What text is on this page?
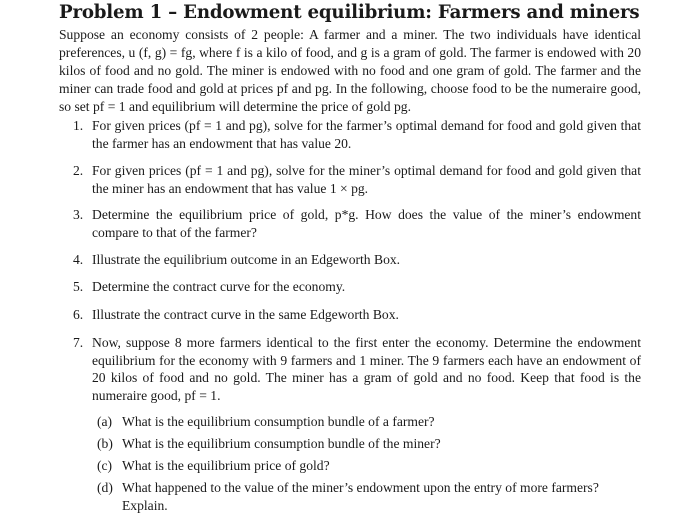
Problem 1 – Endowment equilibrium: Farmers and miners

Suppose an economy consists of 2 people: A farmer and a miner. The two individuals have identical preferences, u (f, g) = fg, where f is a kilo of food, and g is a gram of gold. The farmer is endowed with 20 kilos of food and no gold. The miner is endowed with no food and one gram of gold. The farmer and the miner can trade food and gold at prices pf and pg. In the following, choose food to be the numeraire good, so set pf = 1 and equilibrium will determine the price of gold pg.

1. For given prices (pf = 1 and pg), solve for the farmer’s optimal demand for food and gold given that the farmer has an endowment that has value 20.
2. For given prices (pf = 1 and pg), solve for the miner’s optimal demand for food and gold given that the miner has an endowment that has value 1 × pg.
3. Determine the equilibrium price of gold, p*g. How does the value of the miner’s endowment compare to that of the farmer?
4. Illustrate the equilibrium outcome in an Edgeworth Box.
5. Determine the contract curve for the economy.
6. Illustrate the contract curve in the same Edgeworth Box.
7. Now, suppose 8 more farmers identical to the first enter the economy. Determine the endowment equilibrium for the economy with 9 farmers and 1 miner. The 9 farmers each have an endowment of 20 kilos of food and no gold. The miner has a gram of gold and no food. Keep that food is the numeraire good, pf = 1.
(a) What is the equilibrium consumption bundle of a farmer?
(b) What is the equilibrium consumption bundle of the miner?
(c) What is the equilibrium price of gold?
(d) What happened to the value of the miner’s endowment upon the entry of more farmers? Explain.
